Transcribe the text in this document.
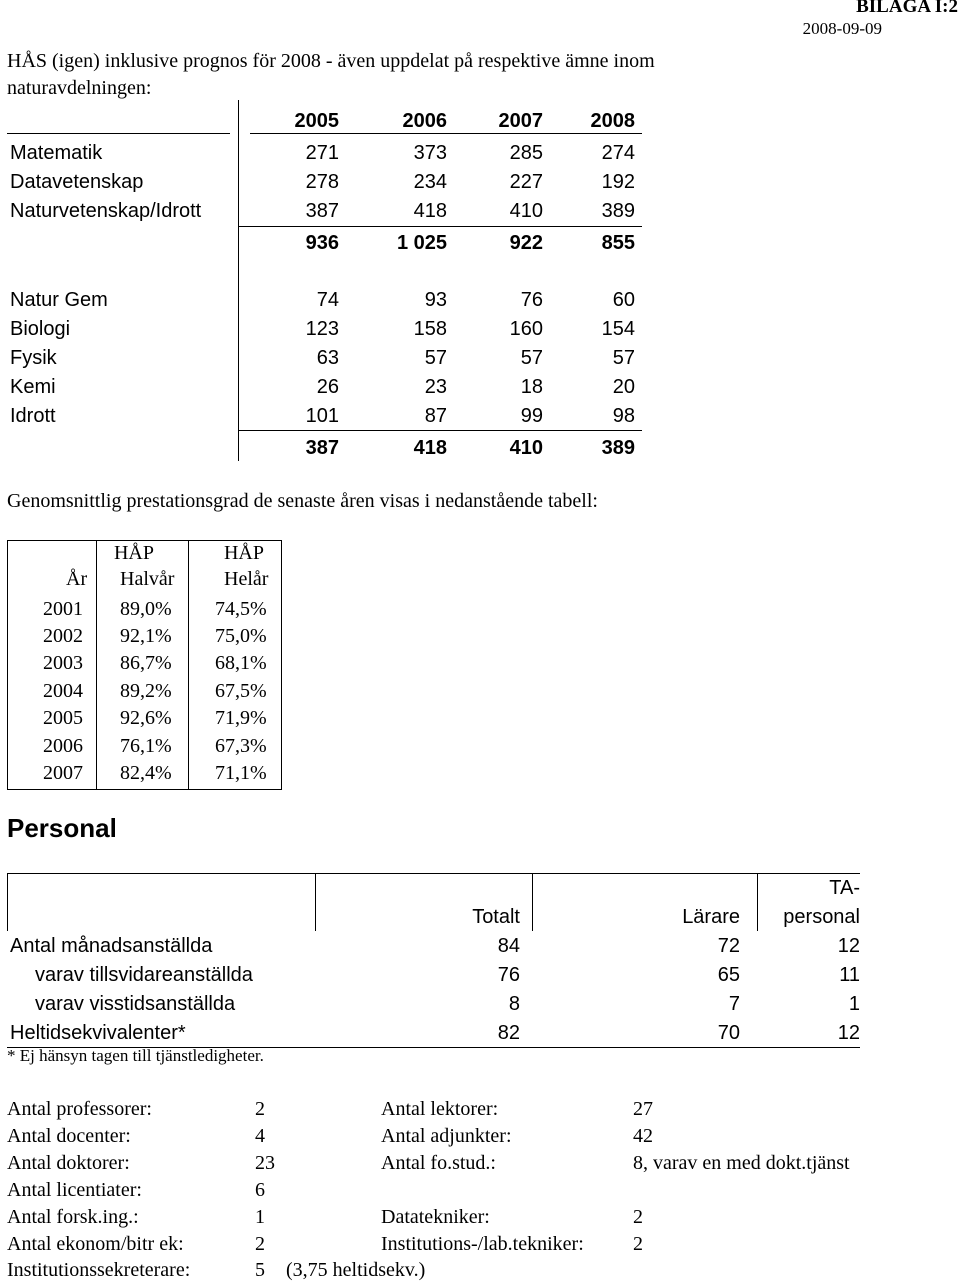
BILAGA I:2
2008-09-09
HÅS (igen) inklusive prognos för 2008 - även uppdelat på respektive ämne inom naturavdelningen:
2005	2006	2007	2008
Matematik	271	373	285	274
Datavetenskap	278	234	227	192
Naturvetenskap/Idrott	387	418	410	389
936	1 025	922	855
Natur Gem	74	93	76	60
Biologi	123	158	160	154
Fysik	63	57	57	57
Kemi	26	23	18	20
Idrott	101	87	99	98
387	418	410	389
Genomsnittlig prestationsgrad de senaste åren visas i nedanstående tabell:
HÅP	HÅP
År Halvår Helår
2001 89,0% 74,5%
2002 92,1% 75,0%
2003 86,7% 68,1%
2004 89,2% 67,5%
2005 92,6% 71,9%
2006 76,1% 67,3%
2007 82,4% 71,1%
Personal
Totalt	Lärare
TA-
personal
Antal månadsanställda	84	72	12
varav tillsvidareanställda	76	65	11
varav visstidsanställda	8	7	1
Heltidsekvivalenter*	82	70	12
* Ej hänsyn tagen till tjänstledigheter.
Antal professorer:	2	Antal lektorer:	27
Antal docenter:	4	Antal adjunkter:	42
Antal doktorer:	23	Antal fo.stud.:	8, varav en med dokt.tjänst
Antal licentiater:	6
Antal forsk.ing.:	1	Datatekniker:	2
Antal ekonom/bitr ek:	2	Institutions-/lab.tekniker: 2
Institutionssekreterare:	5 (3,75 heltidsekv.)
